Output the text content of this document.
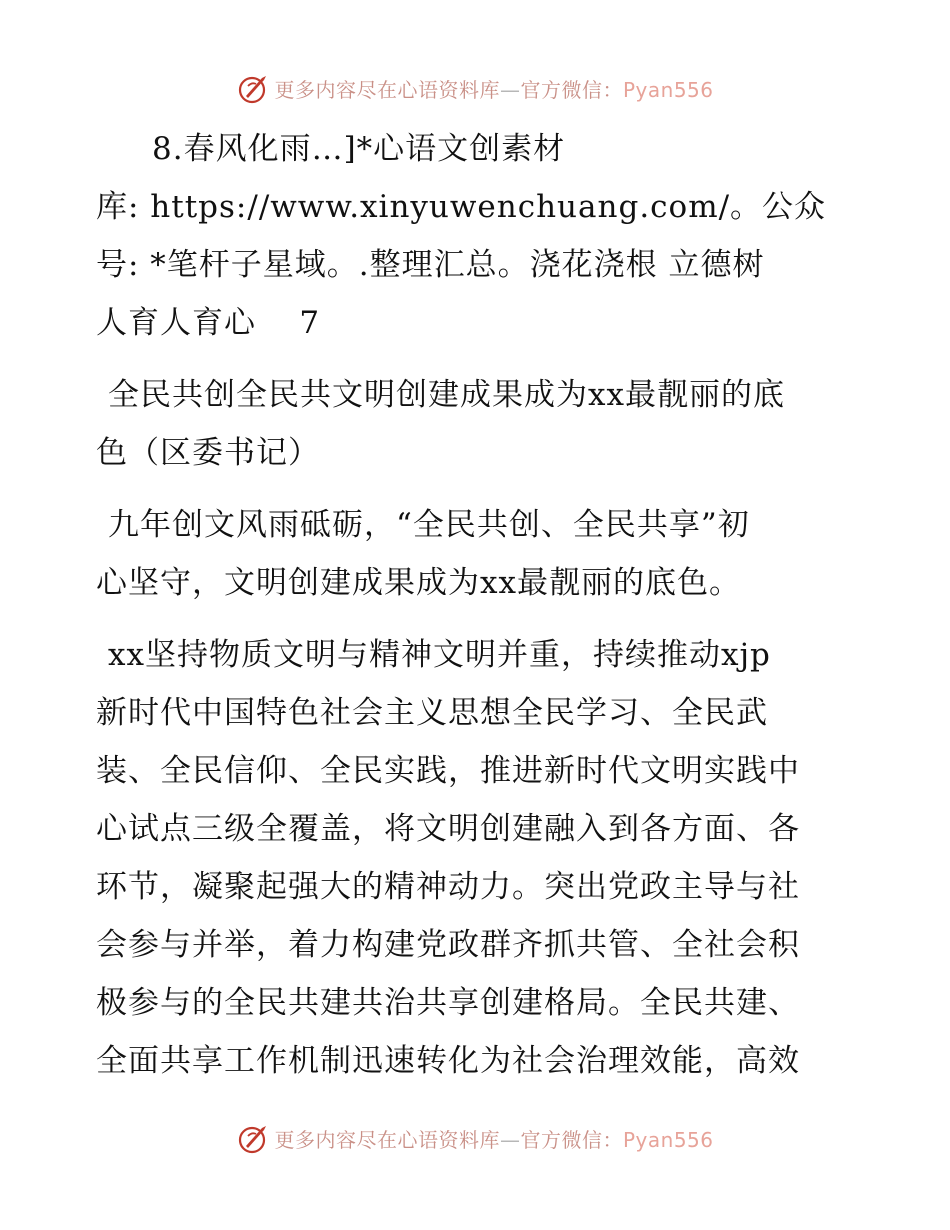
更多内容尽在心语资料库—官方微信：Pyan556

8.春风化雨…]*心语文创素材

库: https://www.xinyuwenchuang.com/。公众

号: *笔杆子星域。.整理汇总。浇花浇根 立德树

人育人育心    7

全民共创全民共文明创建成果成为xx最靓丽的底

色（区委书记）

九年创文风雨砥砺，“全民共创、全民共享”初

心坚守，文明创建成果成为xx最靓丽的底色。

xx坚持物质文明与精神文明并重，持续推动xjp

新时代中国特色社会主义思想全民学习、全民武

装、全民信仰、全民实践，推进新时代文明实践中

心试点三级全覆盖，将文明创建融入到各方面、各

环节，凝聚起强大的精神动力。突出党政主导与社

会参与并举，着力构建党政群齐抓共管、全社会积

极参与的全民共建共治共享创建格局。全民共建、

全面共享工作机制迅速转化为社会治理效能，高效

更多内容尽在心语资料库—官方微信：Pyan556
